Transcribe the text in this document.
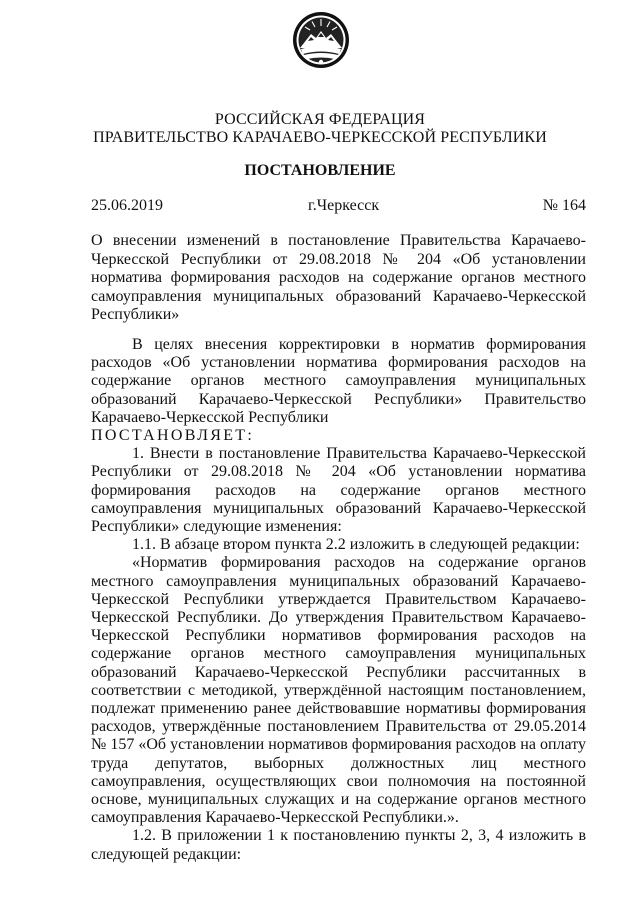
РОССИЙСКАЯ ФЕДЕРАЦИЯ
ПРАВИТЕЛЬСТВО КАРАЧАЕВО-ЧЕРКЕССКОЙ РЕСПУБЛИКИ
ПОСТАНОВЛЕНИЕ
25.06.2019	г.Черкесск	№ 164
О внесении изменений в постановление Правительства Карачаево-Черкесской Республики от 29.08.2018 № 204 «Об установлении норматива формирования расходов на содержание органов местного самоуправления муниципальных образований Карачаево-Черкесской Республики»

В целях внесения корректировки в норматив формирования расходов «Об установлении норматива формирования расходов на содержание органов местного самоуправления муниципальных образований Карачаево-Черкесской Республики» Правительство Карачаево-Черкесской Республики

ПОСТАНОВЛЯЕТ:

1. Внести в постановление Правительства Карачаево-Черкесской Республики от 29.08.2018 № 204 «Об установлении норматива формирования расходов на содержание органов местного самоуправления муниципальных образований Карачаево-Черкесской Республики» следующие изменения:

1.1. В абзаце втором пункта 2.2 изложить в следующей редакции:

«Норматив формирования расходов на содержание органов местного самоуправления муниципальных образований Карачаево-Черкесской Республики утверждается Правительством Карачаево-Черкесской Республики. До утверждения Правительством Карачаево-Черкесской Республики нормативов формирования расходов на содержание органов местного самоуправления муниципальных образований Карачаево-Черкесской Республики рассчитанных в соответствии с методикой, утверждённой настоящим постановлением, подлежат применению ранее действовавшие нормативы формирования расходов, утверждённые постановлением Правительства от 29.05.2014 № 157 «Об установлении нормативов формирования расходов на оплату труда депутатов, выборных должностных лиц местного самоуправления, осуществляющих свои полномочия на постоянной основе, муниципальных служащих и на содержание органов местного самоуправления Карачаево-Черкесской Республики.».

1.2. В приложении 1 к постановлению пункты 2, 3, 4 изложить в следующей редакции:
